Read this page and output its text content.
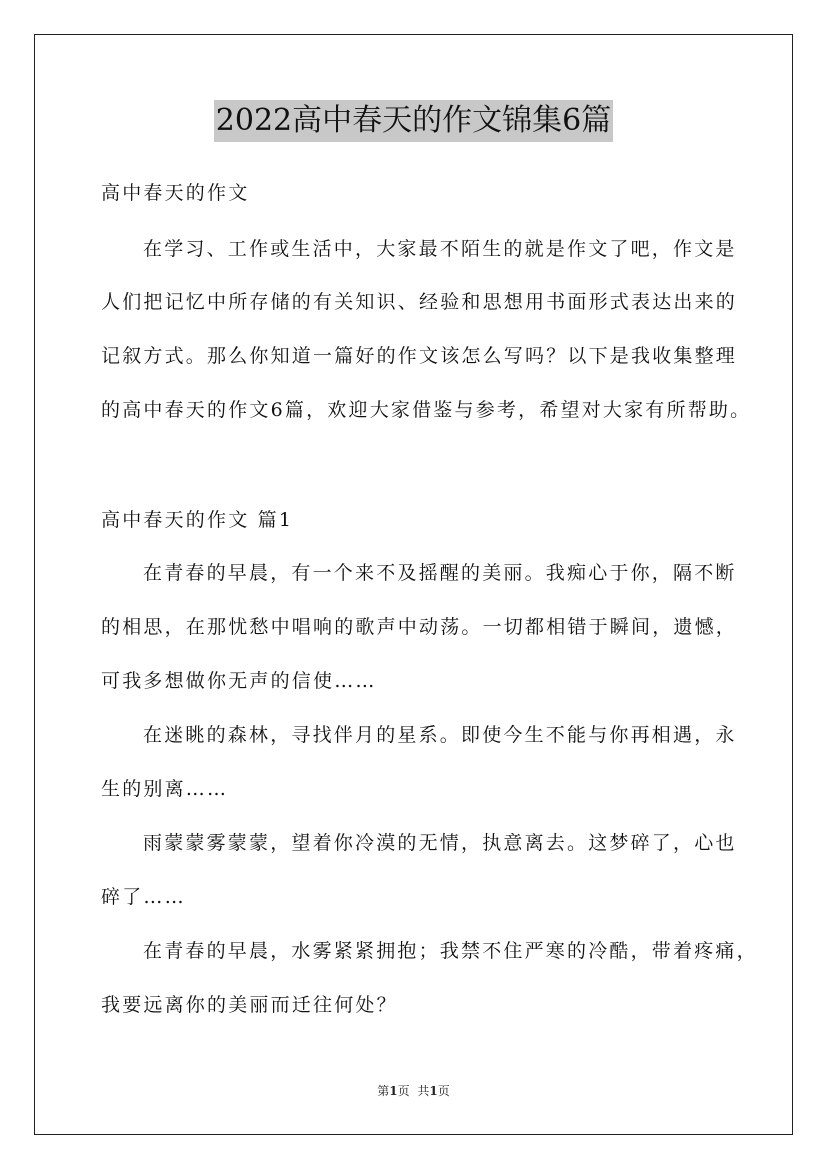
2022高中春天的作文锦集6篇
高中春天的作文
在学习、工作或生活中，大家最不陌生的就是作文了吧，作文是
人们把记忆中所存储的有关知识、经验和思想用书面形式表达出来的
记叙方式。那么你知道一篇好的作文该怎么写吗？以下是我收集整理
的高中春天的作文6篇，欢迎大家借鉴与参考，希望对大家有所帮助。
高中春天的作文 篇1
在青春的早晨，有一个来不及摇醒的美丽。我痴心于你，隔不断
的相思，在那忧愁中唱响的歌声中动荡。一切都相错于瞬间，遗憾，
可我多想做你无声的信使……
在迷眺的森林，寻找伴月的星系。即使今生不能与你再相遇，永
生的别离……
雨蒙蒙雾蒙蒙，望着你冷漠的无情，执意离去。这梦碎了，心也
碎了……
在青春的早晨，水雾紧紧拥抱；我禁不住严寒的冷酷，带着疼痛，
我要远离你的美丽而迁往何处？
第1页 共1页
